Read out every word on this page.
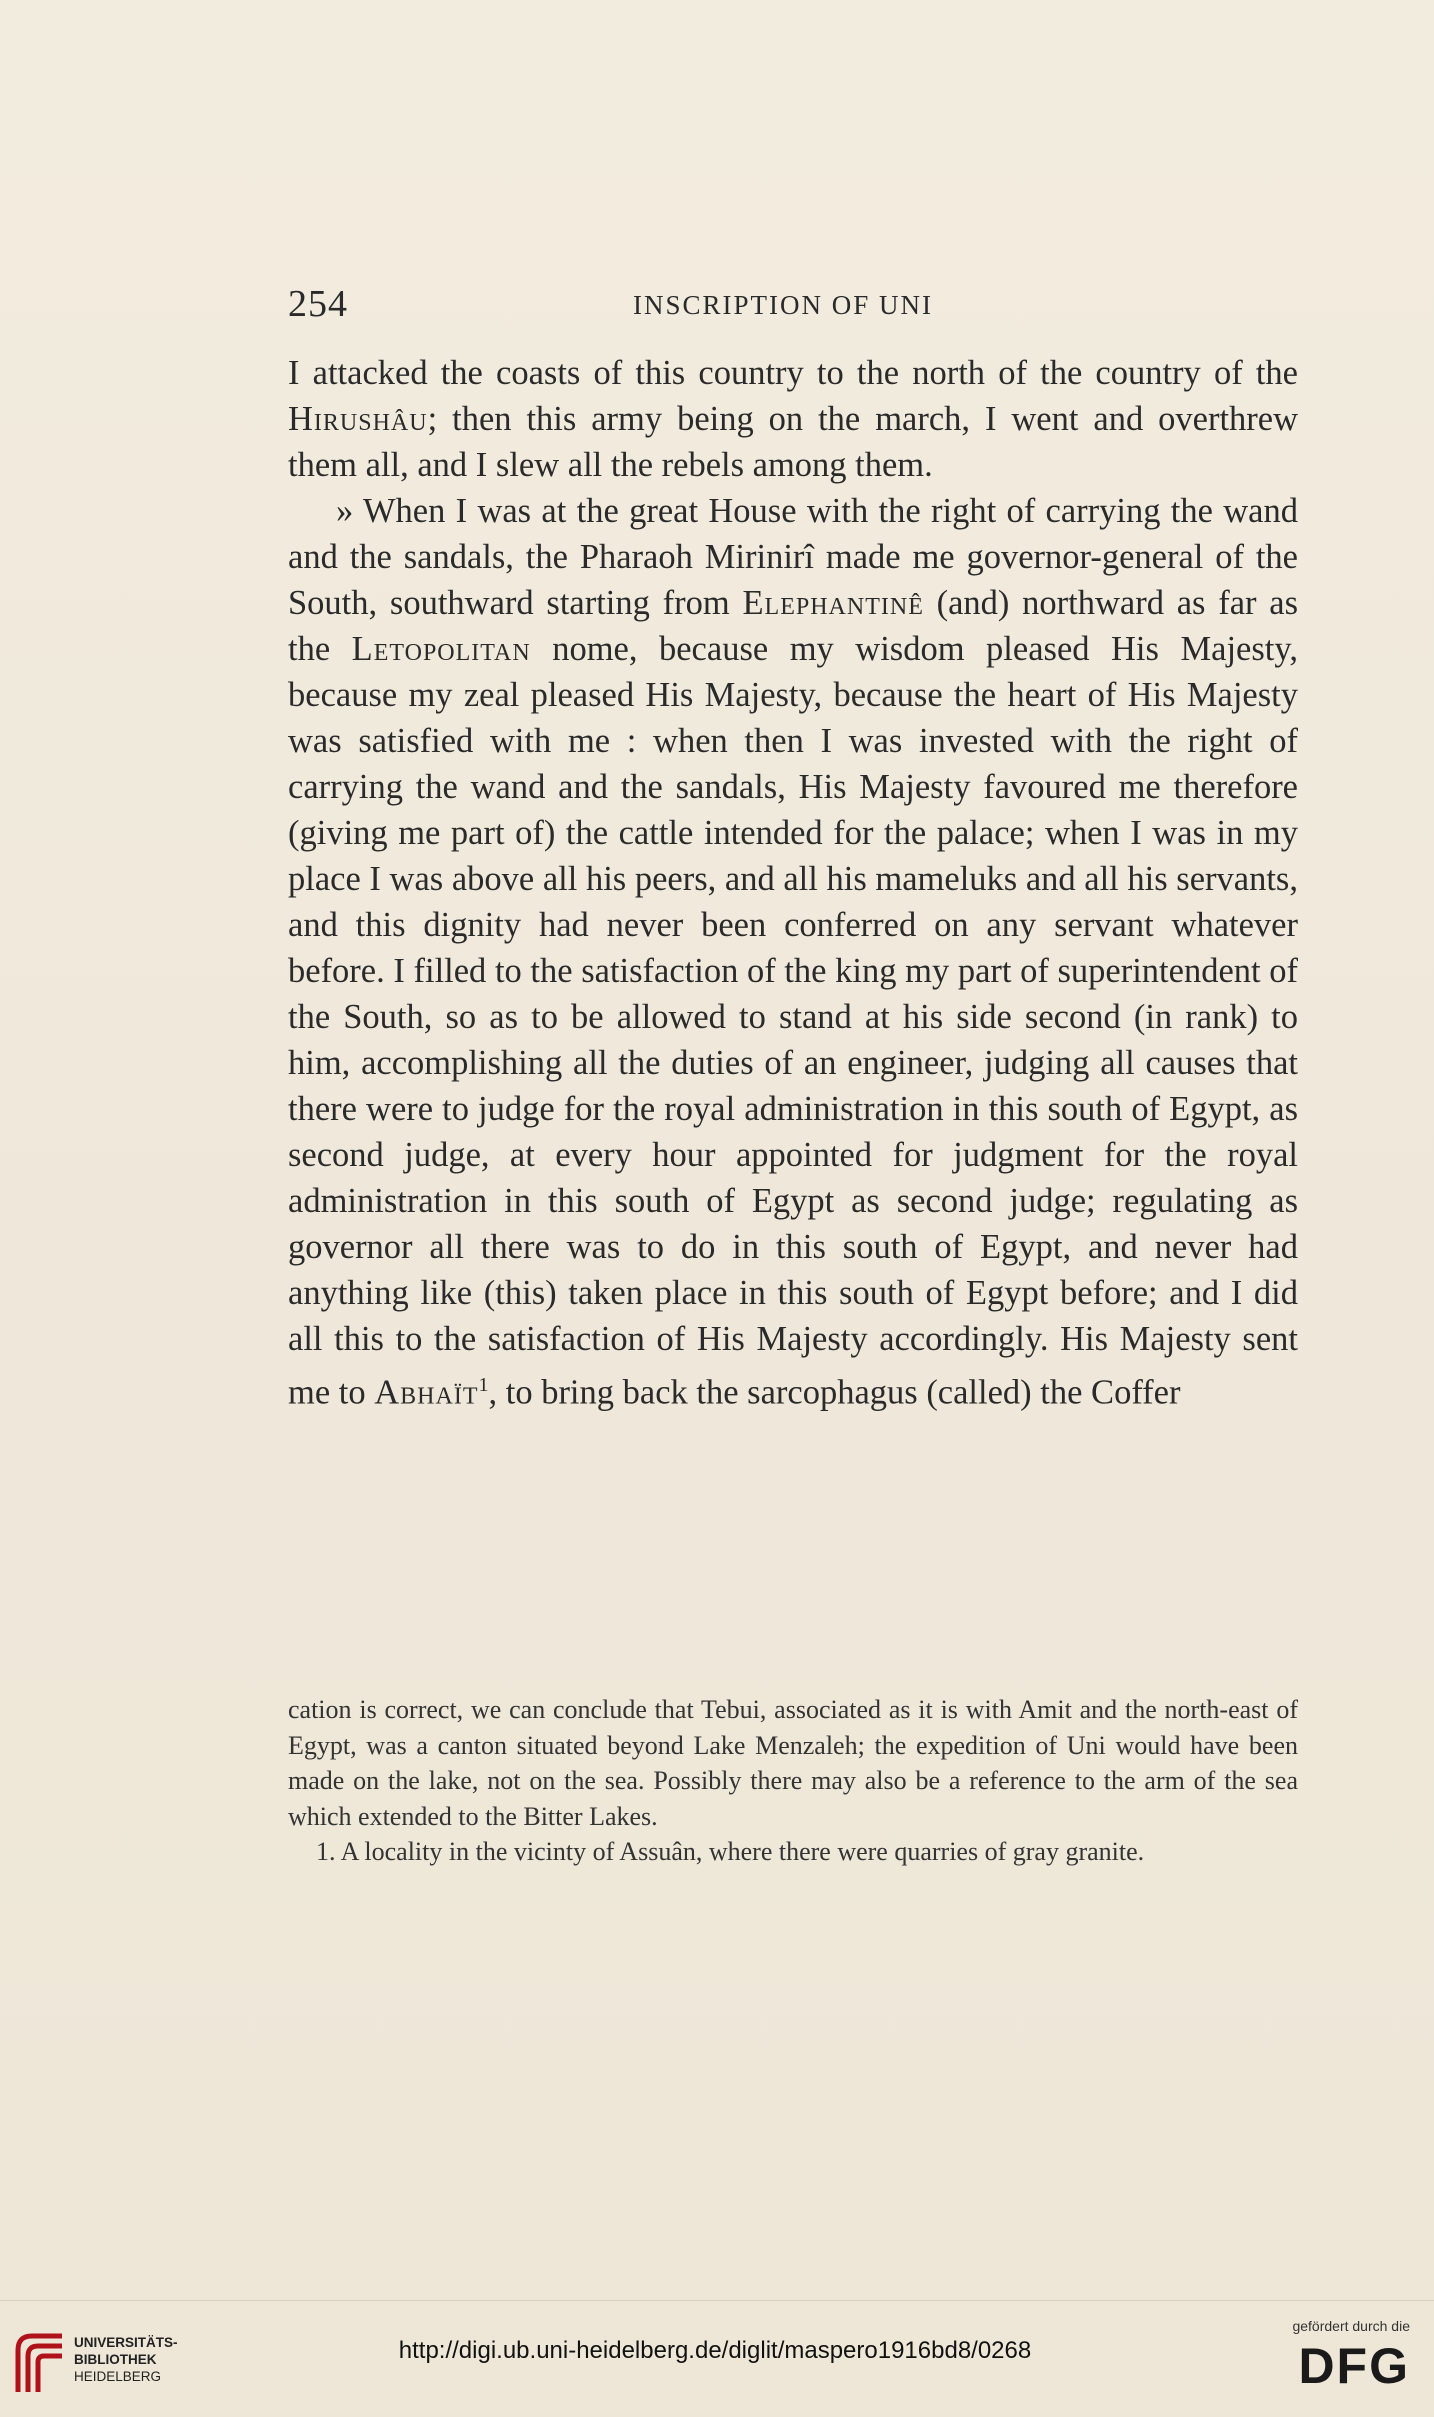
254	INSCRIPTION OF UNI

I attacked the coasts of this country to the north of the country of the Hirushâu; then this army being on the march, I went and overthrew them all, and I slew all the rebels among them.

» When I was at the great House with the right of carrying the wand and the sandals, the Pharaoh Mirinirî made me governor-general of the South, southward starting from Elephantinê (and) northward as far as the Letopolitan nome, because my wisdom pleased His Majesty, because my zeal pleased His Majesty, because the heart of His Majesty was satisfied with me : when then I was invested with the right of carrying the wand and the sandals, His Majesty favoured me therefore (giving me part of) the cattle intended for the palace; when I was in my place I was above all his peers, and all his mameluks and all his servants, and this dignity had never been conferred on any servant whatever before. I filled to the satisfaction of the king my part of superintendent of the South, so as to be allowed to stand at his side second (in rank) to him, accomplishing all the duties of an engineer, judging all causes that there were to judge for the royal administration in this south of Egypt, as second judge, at every hour appointed for judgment for the royal administration in this south of Egypt as second judge; regulating as governor all there was to do in this south of Egypt, and never had anything like (this) taken place in this south of Egypt before; and I did all this to the satisfaction of His Majesty accordingly. His Majesty sent me to Abhaït$^1$, to bring back the sarcophagus (called) the Coffer

cation is correct, we can conclude that Tebui, associated as it is with Amit and the north-east of Egypt, was a canton situated beyond Lake Menzaleh; the expedition of Uni would have been made on the lake, not on the sea. Possibly there may also be a reference to the arm of the sea which extended to the Bitter Lakes.

1. A locality in the vicinty of Assuân, where there were quarries of gray granite.

UNIVERSITÄTS-
BIBLIOTHEK
HEIDELBERG
http://digi.ub.uni-heidelberg.de/diglit/maspero1916bd8/0268
gefördert durch die
DFG
